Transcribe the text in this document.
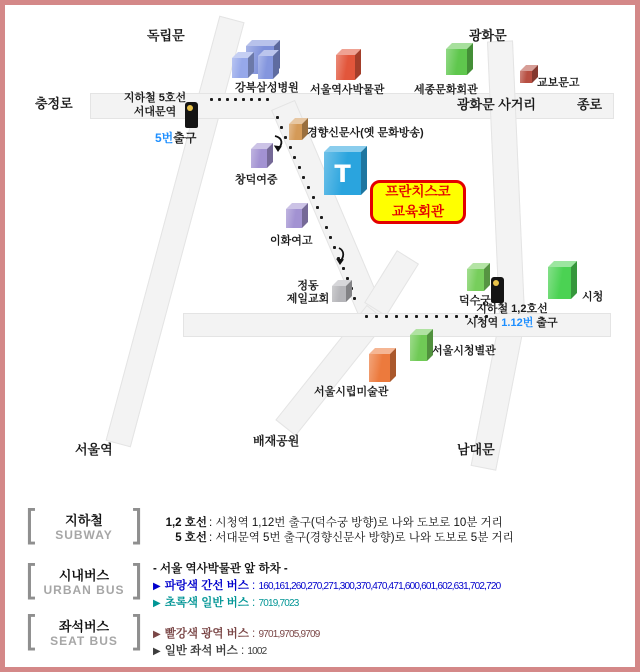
지하철 5호선
서대문역
5번출구
지하철 1,2호선
시청역 1.12번 출구
프란치스코
교육회관
강북삼성병원 서울역사박물관	세종문화회관
교보문고
경향신문사(옛 문화방송)
창덕여중	T
이화여고
정동
제일교회	덕수궁	시청
서울시청별관
서울시립미술관
독립문
충정로
광화문
광화문 사거리	종로
서울역
배재공원
남대문
[	]
지하철
SUBWAY
[	]
시내버스
URBAN BUS
[	]
좌석버스
SEAT BUS
1,2 호선 : 시청역 1,12번 출구(덕수궁 방향)로 나와 도보로 10분 거리
5 호선 : 서대문역 5번 출구(경향신문사 방향)로 나와 도보로 5분 거리
- 서울 역사박물관 앞 하차 -
▶ 파랑색 간선 버스 : 160,161,260,270,271,300,370,470,471,600,601,602,631,702,720
▶ 초록색 일반 버스 : 7019,7023
▶ 빨강색 광역 버스 : 9701,9705,9709
▶ 일반 좌석 버스 : 1002
